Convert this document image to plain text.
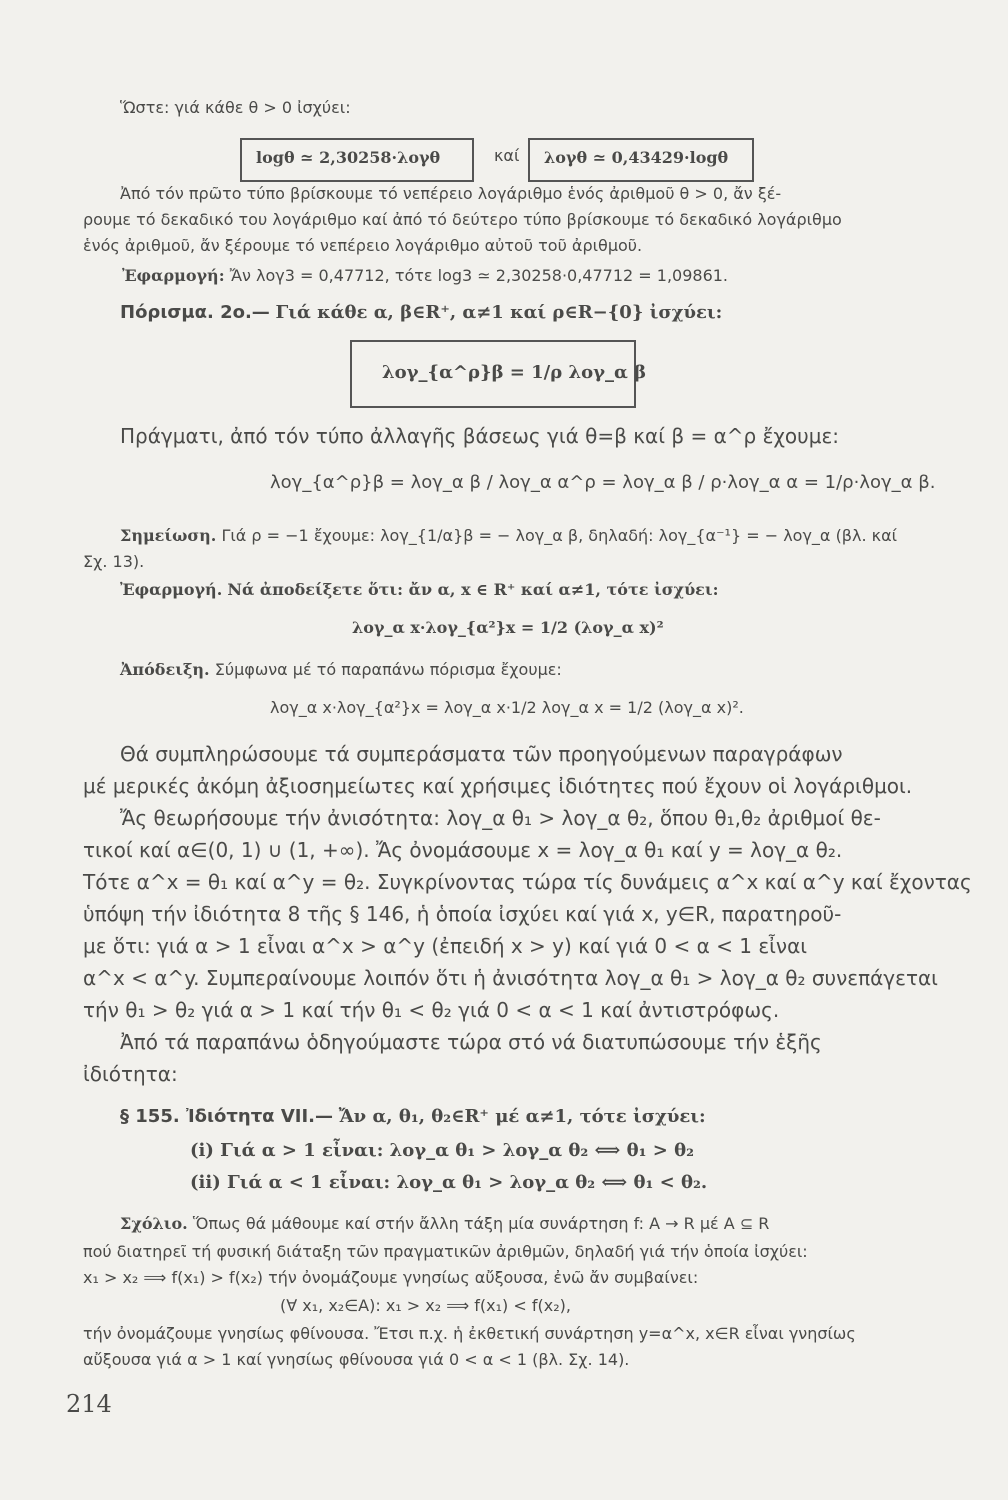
Ὥστε: γιά κάθε θ > 0 ἰσχύει:
logθ ≃ 2,30258·λογθ	καί λογθ ≃ 0,43429·logθ
Ἀπό τόν πρῶτο τύπο βρίσκουμε τό νεπέρειο λογάριθμο ἑνός ἀριθμοῦ θ > 0, ἄν ξέ-
ρουμε τό δεκαδικό του λογάριθμο καί ἀπό τό δεύτερο τύπο βρίσκουμε τό δεκαδικό λογάριθμο
ἑνός ἀριθμοῦ, ἄν ξέρουμε τό νεπέρειο λογάριθμο αὐτοῦ τοῦ ἀριθμοῦ.
Ἐφαρμογή: Ἄν λογ3 = 0,47712, τότε log3 ≃ 2,30258·0,47712 = 1,09861.
Πόρισμα. 2ο.— Γιά κάθε α, β∈R⁺, α≠1 καί ρ∈R−{0} ἰσχύει:
λογ_{α^ρ}β = 1/ρ λογ_α β
Πράγματι, ἀπό τόν τύπο ἀλλαγῆς βάσεως γιά θ=β καί β = α^ρ ἔχουμε:
λογ_{α^ρ}β = λογ_α β / λογ_α α^ρ = λογ_α β / ρ·λογ_α α = 1/ρ·λογ_α β.
Σημείωση. Γιά ρ = −1 ἔχουμε: λογ_{1/α}β = − λογ_α β, δηλαδή: λογ_{α⁻¹} = − λογ_α (βλ. καί
Σχ. 13).
Ἐφαρμογή. Νά ἀποδείξετε ὅτι: ἄν α, x ∈ R⁺ καί α≠1, τότε ἰσχύει:
λογ_α x·λογ_{α²}x = 1/2 (λογ_α x)²
Ἀπόδειξη. Σύμφωνα μέ τό παραπάνω πόρισμα ἔχουμε:
λογ_α x·λογ_{α²}x = λογ_α x·1/2 λογ_α x = 1/2 (λογ_α x)².
Θά συμπληρώσουμε τά συμπεράσματα τῶν προηγούμενων παραγράφων
μέ μερικές ἀκόμη ἀξιοσημείωτες καί χρήσιμες ἰδιότητες πού ἔχουν οἱ λογάριθμοι.
Ἄς θεωρήσουμε τήν ἀνισότητα: λογ_α θ₁ > λογ_α θ₂, ὅπου θ₁,θ₂ ἀριθμοί θε-
τικοί καί α∈(0, 1) ∪ (1, +∞). Ἄς ὀνομάσουμε x = λογ_α θ₁ καί y = λογ_α θ₂.
Τότε α^x = θ₁ καί α^y = θ₂. Συγκρίνοντας τώρα τίς δυνάμεις α^x καί α^y καί ἔχοντας
ὑπόψη τήν ἰδιότητα 8 τῆς § 146, ἡ ὁποία ἰσχύει καί γιά x, y∈R, παρατηροῦ-
με ὅτι: γιά α > 1 εἶναι α^x > α^y (ἐπειδή x > y) καί γιά 0 < α < 1 εἶναι
α^x < α^y. Συμπεραίνουμε λοιπόν ὅτι ἡ ἀνισότητα λογ_α θ₁ > λογ_α θ₂ συνεπάγεται
τήν θ₁ > θ₂ γιά α > 1 καί τήν θ₁ < θ₂ γιά 0 < α < 1 καί ἀντιστρόφως.
Ἀπό τά παραπάνω ὁδηγούμαστε τώρα στό νά διατυπώσουμε τήν ἑξῆς
ἰδιότητα:
§ 155. Ἰδιότητα VII.— Ἄν α, θ₁, θ₂∈R⁺ μέ α≠1, τότε ἰσχύει:
(i) Γιά α > 1 εἶναι: λογ_α θ₁ > λογ_α θ₂ ⟺ θ₁ > θ₂
(ii) Γιά α < 1 εἶναι: λογ_α θ₁ > λογ_α θ₂ ⟺ θ₁ < θ₂.
Σχόλιο. Ὅπως θά μάθουμε καί στήν ἄλλη τάξη μία συνάρτηση f: A → R μέ A ⊆ R
πού διατηρεῖ τή φυσική διάταξη τῶν πραγματικῶν ἀριθμῶν, δηλαδή γιά τήν ὁποία ἰσχύει:
x₁ > x₂ ⟹ f(x₁) > f(x₂) τήν ὀνομάζουμε γνησίως αὔξουσα, ἐνῶ ἄν συμβαίνει:
(∀ x₁, x₂∈A): x₁ > x₂ ⟹ f(x₁) < f(x₂),
τήν ὀνομάζουμε γνησίως φθίνουσα. Ἔτσι π.χ. ἡ ἐκθετική συνάρτηση y=α^x, x∈R εἶναι γνησίως
αὔξουσα γιά α > 1 καί γνησίως φθίνουσα γιά 0 < α < 1 (βλ. Σχ. 14).
214
